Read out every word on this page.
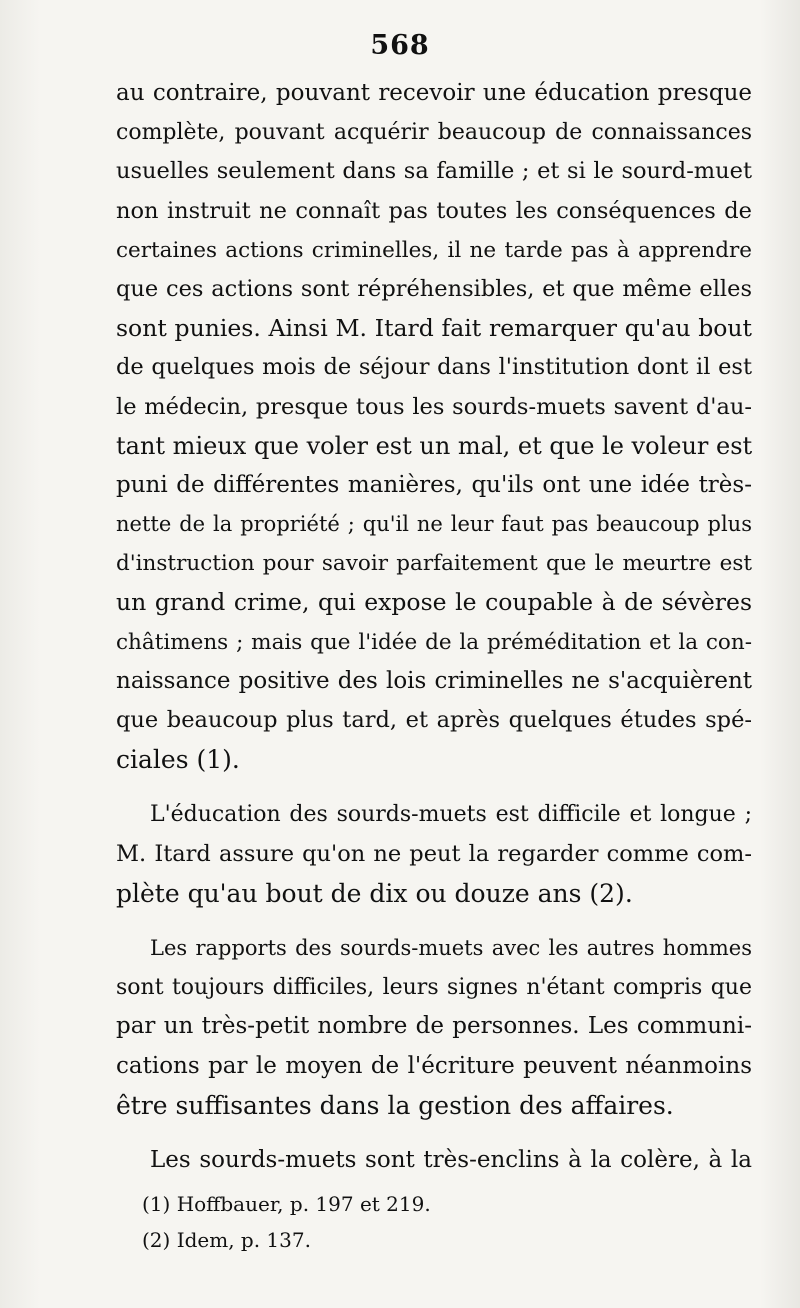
568
au contraire, pouvant recevoir une éducation presque
complète, pouvant acquérir beaucoup de connaissances
usuelles seulement dans sa famille ; et si le sourd-muet
non instruit ne connaît pas toutes les conséquences de
certaines actions criminelles, il ne tarde pas à apprendre
que ces actions sont répréhensibles, et que même elles
sont punies. Ainsi M. Itard fait remarquer qu'au bout
de quelques mois de séjour dans l'institution dont il est
le médecin, presque tous les sourds-muets savent d'au-
tant mieux que voler est un mal, et que le voleur est
puni de différentes manières, qu'ils ont une idée très-
nette de la propriété ; qu'il ne leur faut pas beaucoup plus
d'instruction pour savoir parfaitement que le meurtre est
un grand crime, qui expose le coupable à de sévères
châtimens ; mais que l'idée de la préméditation et la con-
naissance positive des lois criminelles ne s'acquièrent
que beaucoup plus tard, et après quelques études spé-
ciales (1).
L'éducation des sourds-muets est difficile et longue ;
M. Itard assure qu'on ne peut la regarder comme com-
plète qu'au bout de dix ou douze ans (2).
Les rapports des sourds-muets avec les autres hommes
sont toujours difficiles, leurs signes n'étant compris que
par un très-petit nombre de personnes. Les communi-
cations par le moyen de l'écriture peuvent néanmoins
être suffisantes dans la gestion des affaires.
Les sourds-muets sont très-enclins à la colère, à la
(1) Hoffbauer, p. 197 et 219.
(2) Idem, p. 137.
